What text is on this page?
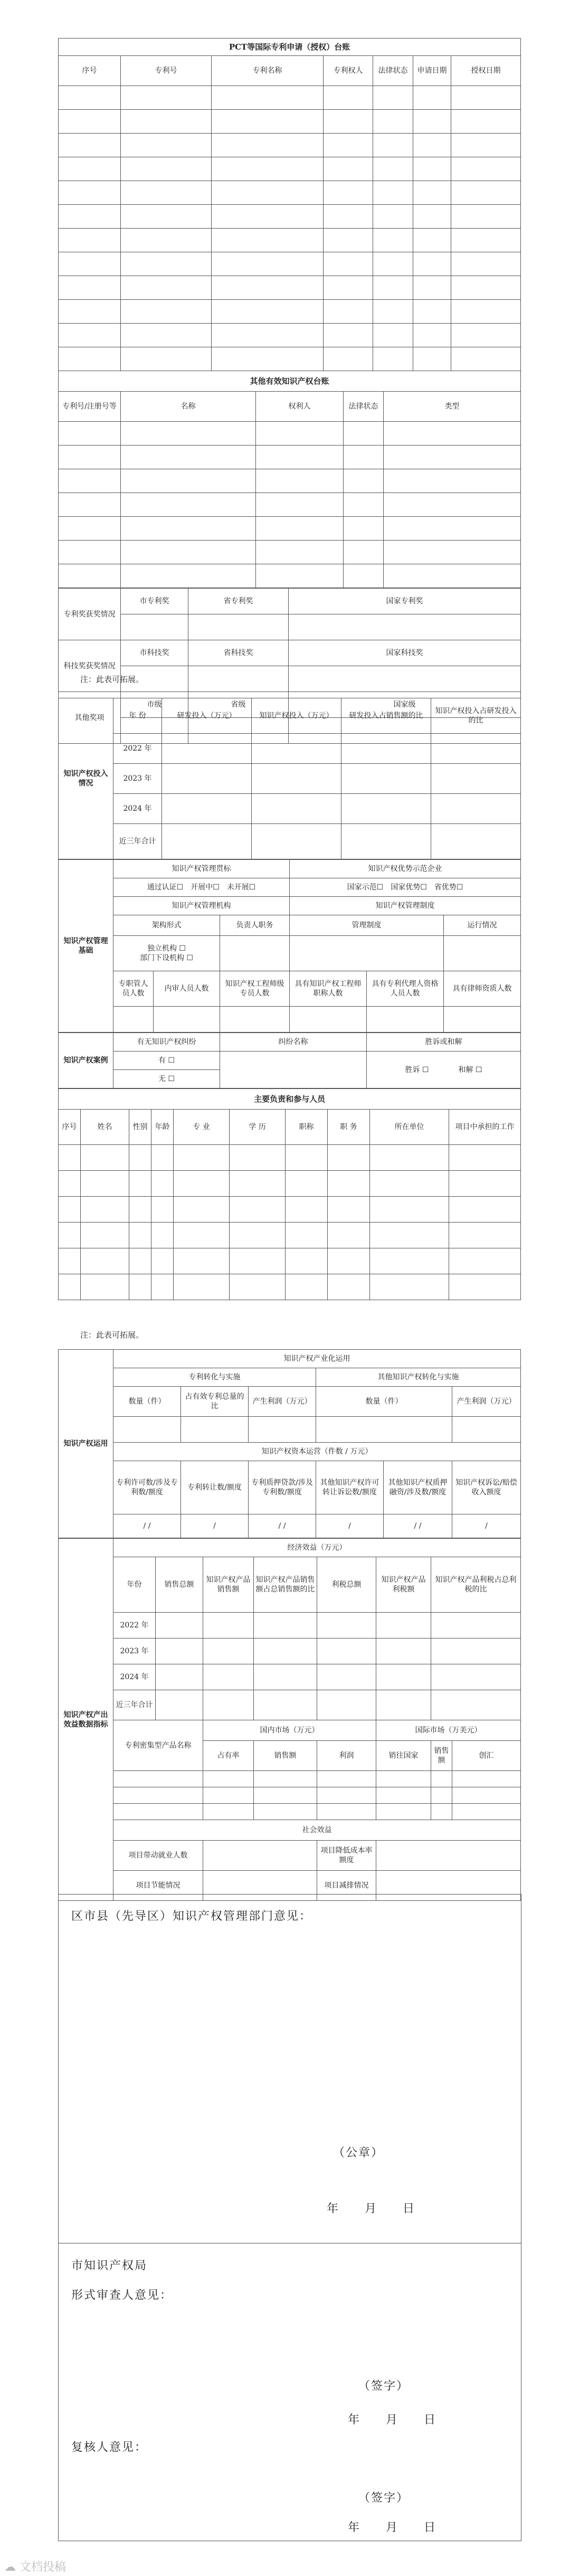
PCT等国际专利申请（授权）台账						
序号	专利号	专利名称	专利权人	法律状态	申请日期	授权日期

其他有效知识产权台账				
专利号/注册号等	名称	权利人	法律状态	类型

专利奖获奖情况	市专利奖	省专利奖	国家专利奖

科技奖获奖情况	市科技奖	省科技奖	国家科技奖

其他奖项	市级	省级	国家级

注：此表可拓展。
知识产权投入情况	年 份	研发投入（万元）	知识产权投入（万元）	研发投入占销售额的比	知识产权投入占研发投入的比
	2022 年				
	2023 年				
	2024 年				
	近三年合计				
知识产权管理基础	知识产权管理贯标			知识产权优势示范企业		
	通过认证☐　开展中☐　未开展☐			国家示范☐　国家优势☐　省优势☐		
	知识产权管理机构			知识产权管理制度		
	架构形式		负责人职务	管理制度		运行情况
	独立机构 ☐
部门下设机构 ☐					
	专职管人员人数	内审人员人数	知识产权工程师级专员人数	具有知识产权工程师职称人数	具有专利代理人资格人员人数	具有律师资质人数

知识产权案例	有无知识产权纠纷	纠纷名称	胜诉或和解
	有 ☐		胜诉 ☐　　　　 和解 ☐
	无 ☐		
主要负责和参与人员									
序号	姓名	性别	年龄	专 业	学 历	职称	职 务	所在单位	项目中承担的工作

注：此表可拓展。
知识产权运用	知识产权产业化运用					
	专利转化与实施			其他知识产权转化与实施		
	数量（件）	占有效专利总量的比	产生利润（万元）	数量（件）		产生利润（万元）

	知识产权资本运营（件数 / 万元）					
	专利许可数/涉及专利数/额度	专利转让数/额度	专利质押贷款/涉及专利数/额度	其他知识产权许可转让诉讼数/额度	其他知识产权质押融资/涉及数/额度	知识产权诉讼/赔偿收入额度
	/ /	/	/ /	/	/ /	/
知识产权产出效益数据指标	经济效益（万元）							
	年份	销售总额	知识产权产品销售额	知识产权产品销售额占总销售额的比	利税总额	知识产权产品利税额	知识产权产品利税占总利税的比	
	2022 年							
	2023 年							
	2024 年							
	近三年合计							
	专利密集型产品名称		国内市场（万元）			国际市场（万美元）		
			占有率	销售额	利润	销往国家	销售额	创汇

	社会效益							
	项目带动就业人数				项目降低成本率额度			
	项目节能情况				项目减排情况			
区市县（先导区）知识产权管理部门意见：
（公章）
年　　月　　日
市知识产权局
形式审查人意见：
（签字）
年　　月　　日
复核人意见：
（签字）
年　　月　　日
☁ 文档投稿
